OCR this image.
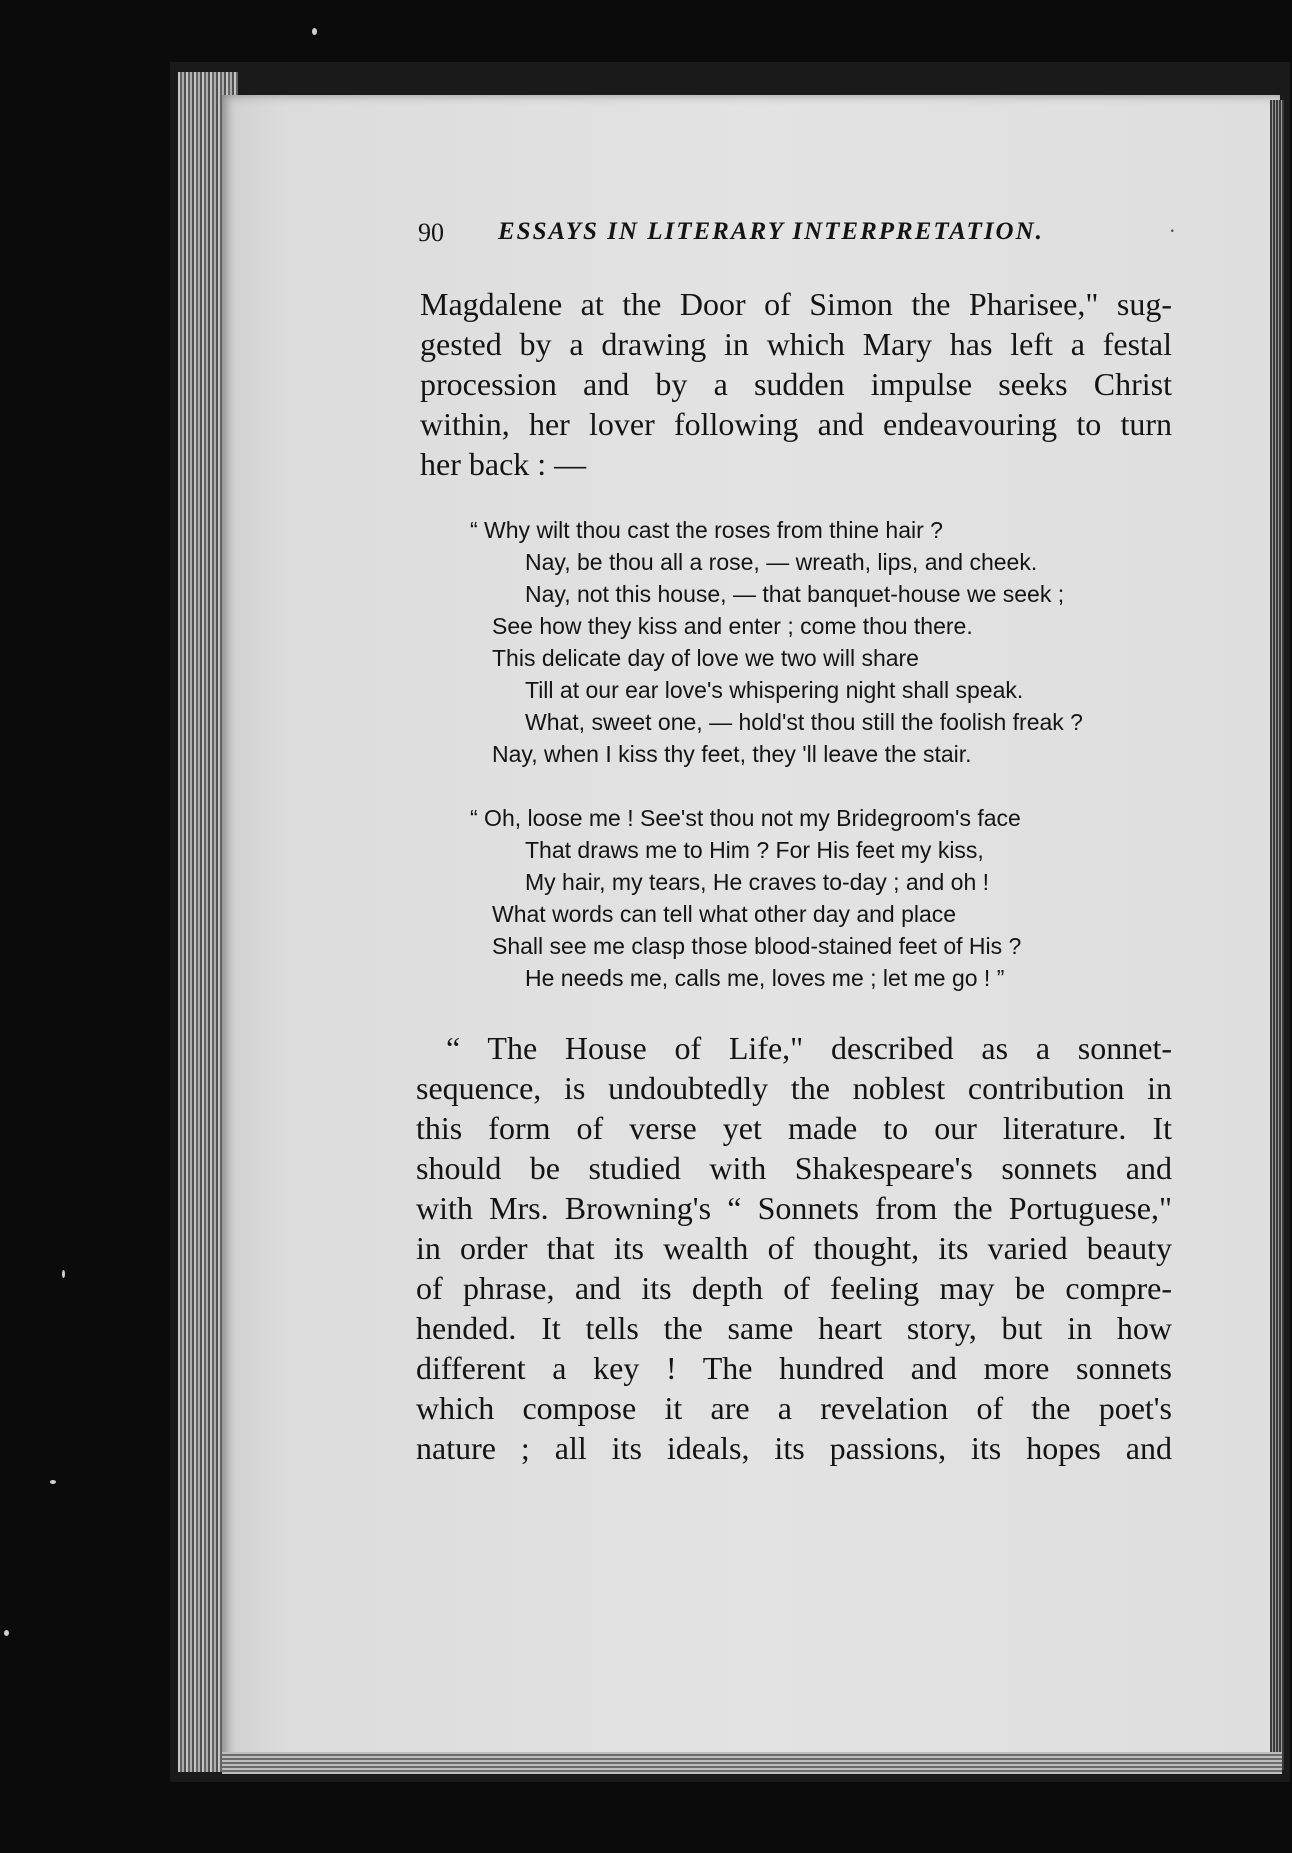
90 ESSAYS IN LITERARY INTERPRETATION.	·
Magdalene at the Door of Simon the Pharisee," sug-
gested by a drawing in which Mary has left a festal
procession and by a sudden impulse seeks Christ
within, her lover following and endeavouring to turn
her back : —
“ Why wilt thou cast the roses from thine hair ?
Nay, be thou all a rose, — wreath, lips, and cheek.
Nay, not this house, — that banquet-house we seek ;
See how they kiss and enter ; come thou there.
This delicate day of love we two will share
Till at our ear love's whispering night shall speak.
What, sweet one, — hold'st thou still the foolish freak ?
Nay, when I kiss thy feet, they 'll leave the stair.
“ Oh, loose me ! See'st thou not my Bridegroom's face
That draws me to Him ? For His feet my kiss,
My hair, my tears, He craves to-day ; and oh !
What words can tell what other day and place
Shall see me clasp those blood-stained feet of His ?
He needs me, calls me, loves me ; let me go ! ”
“ The House of Life," described as a sonnet-
sequence, is undoubtedly the noblest contribution in
this form of verse yet made to our literature. It
should be studied with Shakespeare's sonnets and
with Mrs. Browning's “ Sonnets from the Portuguese,"
in order that its wealth of thought, its varied beauty
of phrase, and its depth of feeling may be compre-
hended. It tells the same heart story, but in how
different a key ! The hundred and more sonnets
which compose it are a revelation of the poet's
nature ; all its ideals, its passions, its hopes and
